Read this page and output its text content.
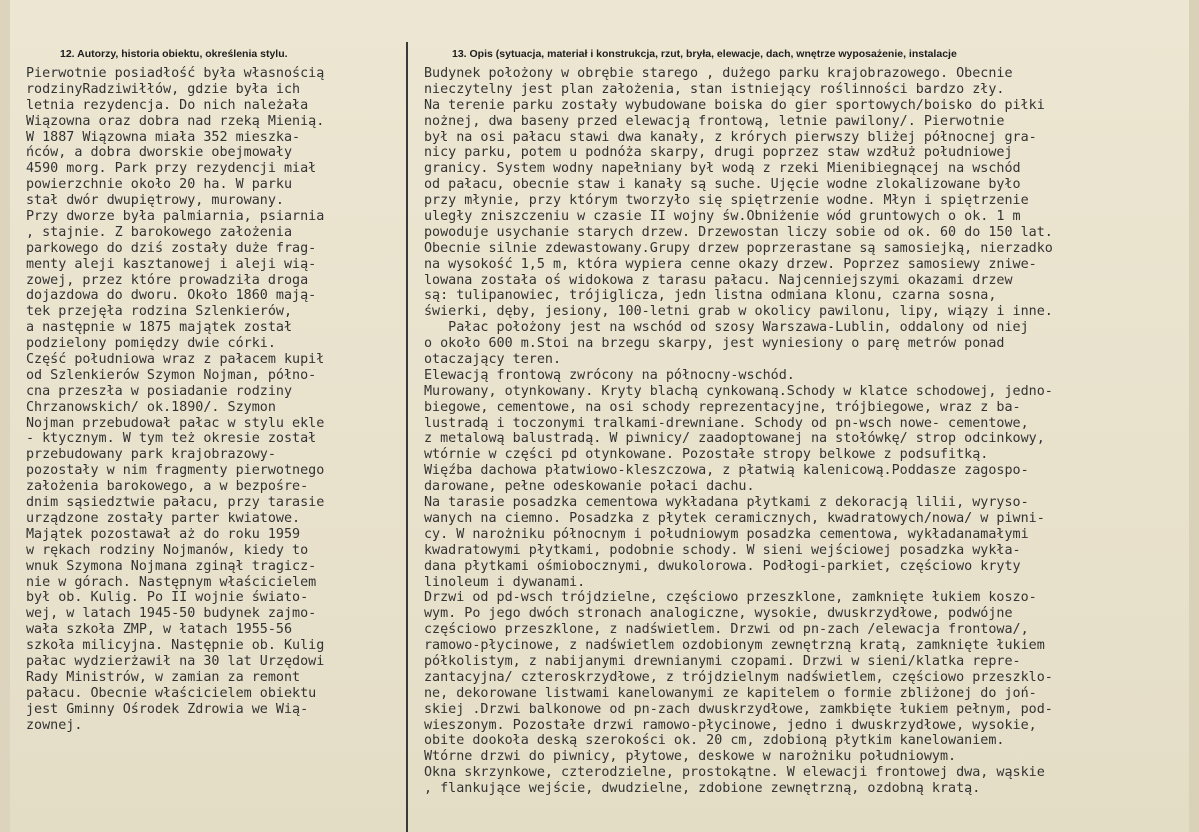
12. Autorzy, historia obiektu, określenia stylu.	13. Opis (sytuacja, materiał i konstrukcja, rzut, bryła, elewacje, dach, wnętrze wyposażenie, instalacje
Pierwotnie posiadłość była własnością
rodzinyRadziwiłłów, gdzie była ich
letnia rezydencja. Do nich należała
Wiązowna oraz dobra nad rzeką Mienią.
W 1887 Wiązowna miała 352 mieszka-
ńców, a dobra dworskie obejmowały
4590 morg. Park przy rezydencji miał
powierzchnie około 20 ha. W parku
stał dwór dwupiętrowy, murowany.
Przy dworze była palmiarnia, psiarnia
, stajnie. Z barokowego założenia
parkowego do dziś zostały duże frag-
menty aleji kasztanowej i aleji wią-
zowej, przez które prowadziła droga
dojazdowa do dworu. Około 1860 mają-
tek przejęła rodzina Szlenkierów,
a następnie w 1875 majątek został
podzielony pomiędzy dwie córki.
Część południowa wraz z pałacem kupił
od Szlenkierów Szymon Nojman, półno-
cna przeszła w posiadanie rodziny
Chrzanowskich/ ok.1890/. Szymon
Nojman przebudował pałac w stylu ekle
- ktycznym. W tym też okresie został
przebudowany park krajobrazowy-
pozostały w nim fragmenty pierwotnego
założenia barokowego, a w bezpośre-
dnim sąsiedztwie pałacu, przy tarasie
urządzone zostały parter kwiatowe.
Majątek pozostawał aż do roku 1959
w rękach rodziny Nojmanów, kiedy to
wnuk Szymona Nojmana zginął tragicz-
nie w górach. Następnym właścicielem
był ob. Kulig. Po II wojnie świato-
wej, w latach 1945-50 budynek zajmo-
wała szkoła ZMP, w łatach 1955-56
szkoła milicyjna. Następnie ob. Kulig
pałac wydzierżawił na 30 lat Urzędowi
Rady Ministrów, w zamian za remont
pałacu. Obecnie właścicielem obiektu
jest Gminny Ośrodek Zdrowia we Wią-
zownej.
Budynek położony w obrębie starego , dużego parku krajobrazowego. Obecnie
nieczytelny jest plan założenia, stan istniejący roślinności bardzo zły.
Na terenie parku zostały wybudowane boiska do gier sportowych/boisko do piłki
nożnej, dwa baseny przed elewacją frontową, letnie pawilony/. Pierwotnie
był na osi pałacu stawi dwa kanały, z krórych pierwszy bliżej północnej gra-
nicy parku, potem u podnóża skarpy, drugi poprzez staw wzdłuż południowej
granicy. System wodny napełniany był wodą z rzeki Mienibiegnącej na wschód
od pałacu, obecnie staw i kanały są suche. Ujęcie wodne zlokalizowane było
przy młynie, przy którym tworzyło się spiętrzenie wodne. Młyn i spiętrzenie
uległy zniszczeniu w czasie II wojny św.Obniżenie wód gruntowych o ok. 1 m
powoduje usychanie starych drzew. Drzewostan liczy sobie od ok. 60 do 150 lat.
Obecnie silnie zdewastowany.Grupy drzew poprzerastane są samosiejką, nierzadko
na wysokość 1,5 m, która wypiera cenne okazy drzew. Poprzez samosiewy zniwe-
lowana została oś widokowa z tarasu pałacu. Najcenniejszymi okazami drzew
są: tulipanowiec, trójiglicza, jedn listna odmiana klonu, czarna sosna,
świerki, dęby, jesiony, 100-letni grab w okolicy pawilonu, lipy, wiązy i inne.
Pałac położony jest na wschód od szosy Warszawa-Lublin, oddalony od niej
o około 600 m.Stoi na brzegu skarpy, jest wyniesiony o parę metrów ponad
otaczający teren.
Elewacją frontową zwrócony na północny-wschód.
Murowany, otynkowany. Kryty blachą cynkowaną.Schody w klatce schodowej, jedno-
biegowe, cementowe, na osi schody reprezentacyjne, trójbiegowe, wraz z ba-
lustradą i toczonymi tralkami-drewniane. Schody od pn-wsch nowe- cementowe,
z metalową balustradą. W piwnicy/ zaadoptowanej na stołówkę/ strop odcinkowy,
wtórnie w części pd otynkowane. Pozostałe stropy belkowe z podsufitką.
Więźba dachowa płatwiowo-kleszczowa, z płatwią kalenicową.Poddasze zagospo-
darowane, pełne odeskowanie połaci dachu.
Na tarasie posadzka cementowa wykładana płytkami z dekoracją lilii, wyryso-
wanych na ciemno. Posadzka z płytek ceramicznych, kwadratowych/nowa/ w piwni-
cy. W narożniku północnym i południowym posadzka cementowa, wykładanamałymi
kwadratowymi płytkami, podobnie schody. W sieni wejściowej posadzka wykła-
dana płytkami ośmiobocznymi, dwukolorowa. Podłogi-parkiet, częściowo kryty
linoleum i dywanami.
Drzwi od pd-wsch trójdzielne, częściowo przeszklone, zamknięte łukiem koszo-
wym. Po jego dwóch stronach analogiczne, wysokie, dwuskrzydłowe, podwójne
częściowo przeszklone, z nadświetlem. Drzwi od pn-zach /elewacja frontowa/,
ramowo-płycinowe, z nadświetlem ozdobionym zewnętrzną kratą, zamknięte łukiem
półkolistym, z nabijanymi drewnianymi czopami. Drzwi w sieni/klatka repre-
zantacyjna/ czteroskrzydłowe, z trójdzielnym nadświetlem, częściowo przeszklo-
ne, dekorowane listwami kanelowanymi ze kapitelem o formie zbliżonej do joń-
skiej .Drzwi balkonowe od pn-zach dwuskrzydłowe, zamkbięte łukiem pełnym, pod-
wieszonym. Pozostałe drzwi ramowo-płycinowe, jedno i dwuskrzydłowe, wysokie,
obite dookoła deską szerokości ok. 20 cm, zdobioną płytkim kanelowaniem.
Wtórne drzwi do piwnicy, płytowe, deskowe w narożniku południowym.
Okna skrzynkowe, czterodzielne, prostokątne. W elewacji frontowej dwa, wąskie
, flankujące wejście, dwudzielne, zdobione zewnętrzną, ozdobną kratą.
